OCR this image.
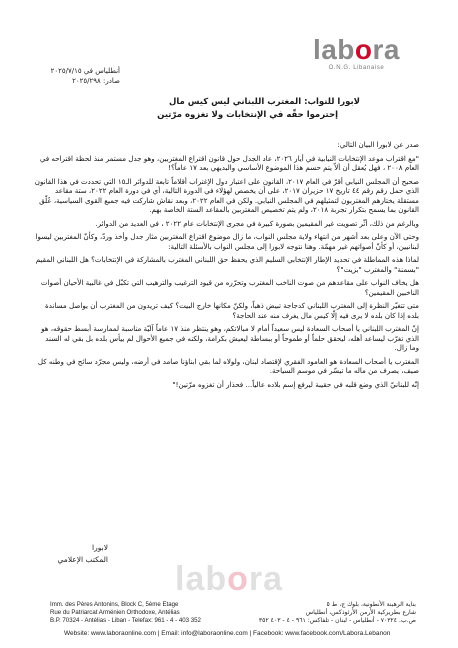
labora
O.N.G. Libanaise
أنطلياس في ٢٠٢٥/٧/١٥
صادر: ٢٠٢٥/٢٩٨
لابورا للنواب: المغترب اللبناني ليس كيس مال
إحترموا حقّه في الإنتخابات ولا تغزوه مرّتين

صدر عن لابورا البيان التالي:

"مع اقتراب موعد الإنتخابات النيابية في أيار ٢٠٢٦، عاد الجدل حول قانون اقتراع المغتربين، وهو جدل مستمر منذ لحظة اقتراحه في العام ٢٠٠٨ ، فهل يُعقل أن ألاّ يتم حسم هذا الموضوع الأساسي والبديهي بعد ١٧ عاماً؟!

صحيح أن المجلس النيابي أقرّ في العام ٢٠١٧، القانون على اعتبار دول الإغتراب أقلاماً تابعة للدوائر الـ١٥ التي تحددت في هذا القانون الذي حمل رقم رقم ٤٤ تاريخ ١٧ حزيران ٢٠١٧، على أن يخصص لهؤلاء في الدورة التالية، أي في دورة العام ٢٠٢٢، ستة مقاعد مستقلة يختارهم المغتربون لتمثيلهم في المجلس النيابي. ولكن في العام ٢٠٢٢، وبعد نقاش شاركت فيه جميع القوى السياسية، عُلّق القانون بما يسمح بتكرار تجربة ٢٠١٨، ولم يتم تخصيص المغتربين بالمقاعد الستة الخاصة بهم.

وبالرغم من ذلك، أثّر تصويت غير المقيمين بصورة كبيرة في مجرى الإنتخابات عام ٢٠٢٢ ، في العديد من الدوائر.

وحتى الآن وعلى بعد أشهر من انتهاء ولاية مجلس النواب، ما زال موضوع اقتراع المغتربين مثار جدل وأخذ وردّ، وكأنّ المغتربين ليسوا لبنانيين، أو كأنّ أصواتهم غير مهمّة. وهنا نتوجه لابورا إلى مجلس النواب بالأسئلة التالية:

لماذا هذه المماطلة في تحديد الإطار الإنتخابي السليم الذي يحفظ حق اللبناني المغترب بالمشاركة في الإنتخابات؟ هل اللبناني المقيم "بسمنة" والمغترب "بزيت"؟

هل يخاف النواب على مقاعدهم من صوت الناخب المغترب وتحرّره من قيود الترغيب والترهيب التي تكبّل في غالبية الأحيان أصوات الناخبين المقيمين؟

متى تتغيّر النظرة إلى المغترب اللبناني كدجاجة تبيض ذهباً، ولكنّ مكانها خارج البيت؟ كيف تريدون من المغترب أن يواصل مساندة بلده إذا كان بلده لا يرى فيه إلّا كيس مال يغرف منه عند الحاجة؟

إنّ المغترب اللبناني يا أصحاب السعادة ليس سعيداً أمام لا مبالاتكم، وهو ينتظر منذ ١٧ عاماً آليّة مناسبة لممارسة أبسط حقوقه، هو الذي تغرّب ليساعد أهله، ليحقق حلماً أو طموحاً أو ببساطة ليعيش بكرامة، ولكنه في جميع الأحوال لم ييأس بلده بل بقي له السند وما زال.

المغترب يا أصحاب السعادة هو العامود الفقري لإقتصاد لبنان، ولولاه لما بقي ابناؤنا صامد في أرضه، وليس مجرّد سائح في وطنه كل صيف، يصرف من ماله ما تيسّر في موسم السياحة.

إنّه للبنانيّ الذي وضع قلبه في حقيبة ليرفع إسم بلاده عالياً... فحذار أن تغزوه مرّتين!"

لابورا
المكتب الإعلامي
labora
Imm. des Pères Antonins, Block C, 5ème Etage
Rue du Patriarcat Arménien Orthodoxe, Antélias
B.P. 70324 - Antélias - Liban - Telefax: 961 - 4 - 403 352
بناية الرهبنة الأنطونية، بلوك ج، ط ٥
شارع بطريركية الأرمن الأرثوذكس، أنطلياس
ص.ب. ٧٠٣٢٤ - أنطلياس - لبنان - تلفاكس: ٩٦١ - ٤ - ٤٠٣ ٣٥٢
Website: www.laboraonline.com | Email: info@laboraonline.com | Facebook: www.facebook.com/Labora.Lebanon
